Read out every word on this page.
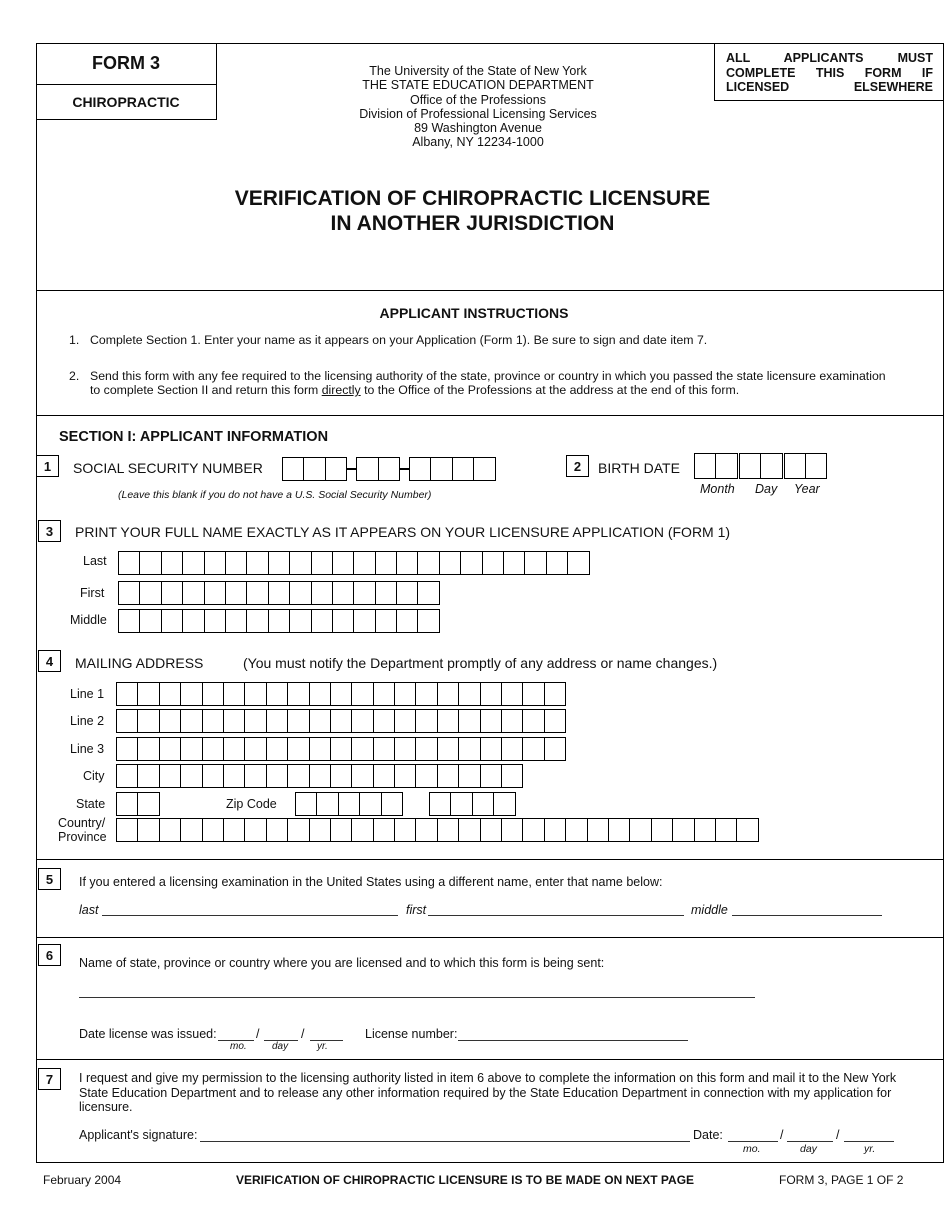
FORM 3
CHIROPRACTIC
ALL APPLICANTS MUST COMPLETE THIS FORM IF LICENSED ELSEWHERE
The University of the State of New York
THE STATE EDUCATION DEPARTMENT
Office of the Professions
Division of Professional Licensing Services
89 Washington Avenue
Albany, NY 12234-1000
VERIFICATION OF CHIROPRACTIC LICENSURE
IN ANOTHER JURISDICTION
APPLICANT INSTRUCTIONS
1. Complete Section 1. Enter your name as it appears on your Application (Form 1). Be sure to sign and date item 7.
2. Send this form with any fee required to the licensing authority of the state, province or country in which you passed the state licensure examination
to complete Section II and return this form directly to the Office of the Professions at the address at the end of this form.
SECTION I: APPLICANT INFORMATION
1	SOCIAL SECURITY NUMBER
(Leave this blank if you do not have a U.S. Social Security Number)
2	BIRTH DATE
Month Day Year
3	PRINT YOUR FULL NAME EXACTLY AS IT APPEARS ON YOUR LICENSURE APPLICATION (FORM 1)
Last
First
Middle
4	MAILING ADDRESS	(You must notify the Department promptly of any address or name changes.)
Line 1
Line 2
Line 3
City
State	Zip Code
Country/
Province
5	If you entered a licensing examination in the United States using a different name, enter that name below:
last	first	middle
6
Name of state, province or country where you are licensed and to which this form is being sent:
Date license was issued:	/	/
mo.	day	yr.
License number:
7	I request and give my permission to the licensing authority listed in item 6 above to complete the information on this form and mail it to the New York
State Education Department and to release any other information required by the State Education Department in connection with my application for
licensure.
Applicant's signature:	Date:	/	/
mo.	day	yr.
February 2004	VERIFICATION OF CHIROPRACTIC LICENSURE IS TO BE MADE ON NEXT PAGE	FORM 3, PAGE 1 OF 2
